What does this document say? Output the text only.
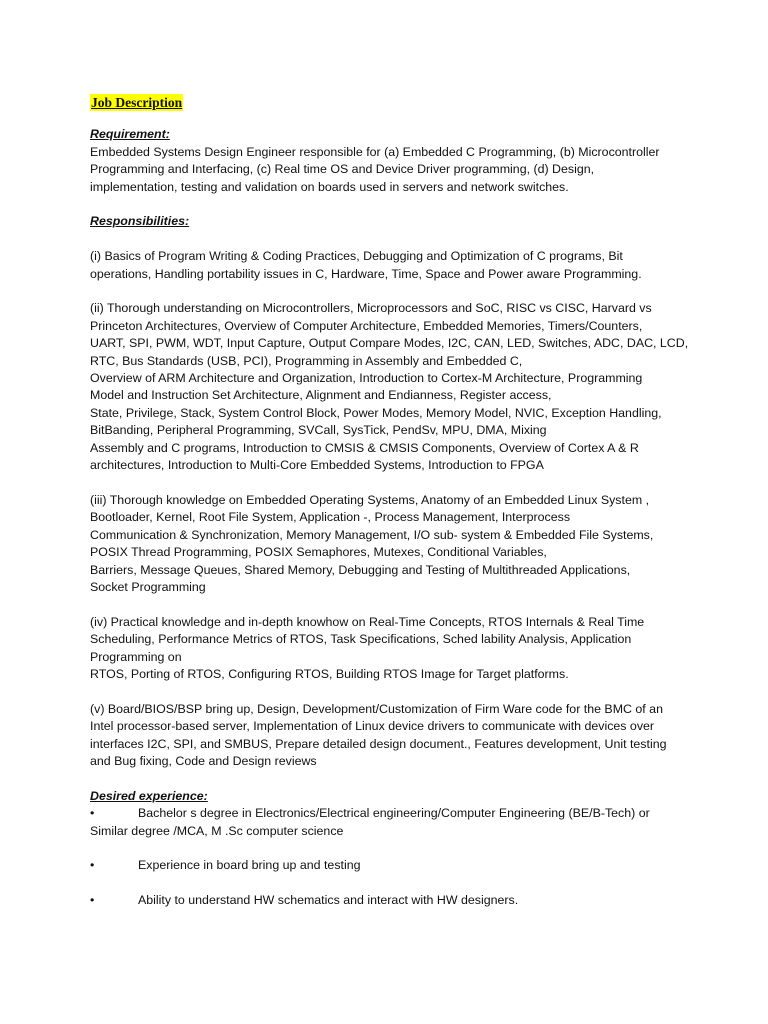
Job Description

Requirement:

Embedded Systems Design Engineer responsible for (a) Embedded C Programming, (b) Microcontroller
Programming and Interfacing, (c) Real time OS and Device Driver programming, (d) Design,
implementation, testing and validation on boards used in servers and network switches.

Responsibilities:

(i) Basics of Program Writing & Coding Practices, Debugging and Optimization of C programs, Bit
operations, Handling portability issues in C, Hardware, Time, Space and Power aware Programming.

(ii) Thorough understanding on Microcontrollers, Microprocessors and SoC, RISC vs CISC, Harvard vs
Princeton Architectures, Overview of Computer Architecture, Embedded Memories, Timers/Counters,
UART, SPI, PWM, WDT, Input Capture, Output Compare Modes, I2C, CAN, LED, Switches, ADC, DAC, LCD,
RTC, Bus Standards (USB, PCI), Programming in Assembly and Embedded C,
Overview of ARM Architecture and Organization, Introduction to Cortex-M Architecture, Programming
Model and Instruction Set Architecture, Alignment and Endianness, Register access,
State, Privilege, Stack, System Control Block, Power Modes, Memory Model, NVIC, Exception Handling,
BitBanding, Peripheral Programming, SVCall, SysTick, PendSv, MPU, DMA, Mixing
Assembly and C programs, Introduction to CMSIS & CMSIS Components, Overview of Cortex A & R
architectures, Introduction to Multi-Core Embedded Systems, Introduction to FPGA

(iii) Thorough knowledge on Embedded Operating Systems, Anatomy of an Embedded Linux System ,
Bootloader, Kernel, Root File System, Application -, Process Management, Interprocess
Communication & Synchronization, Memory Management, I/O sub- system & Embedded File Systems,
POSIX Thread Programming, POSIX Semaphores, Mutexes, Conditional Variables,
Barriers, Message Queues, Shared Memory, Debugging and Testing of Multithreaded Applications,
Socket Programming

(iv) Practical knowledge and in-depth knowhow on Real-Time Concepts, RTOS Internals & Real Time
Scheduling, Performance Metrics of RTOS, Task Specifications, Sched lability Analysis, Application
Programming on
RTOS, Porting of RTOS, Configuring RTOS, Building RTOS Image for Target platforms.

(v) Board/BIOS/BSP bring up, Design, Development/Customization of Firm Ware code for the BMC of an
Intel processor-based server, Implementation of Linux device drivers to communicate with devices over
interfaces I2C, SPI, and SMBUS, Prepare detailed design document., Features development, Unit testing
and Bug fixing, Code and Design reviews

Desired experience:

•	Bachelor s degree in Electronics/Electrical engineering/Computer Engineering (BE/B-Tech) or

Similar degree /MCA, M .Sc computer science

•	Experience in board bring up and testing
•	Ability to understand HW schematics and interact with HW designers.
